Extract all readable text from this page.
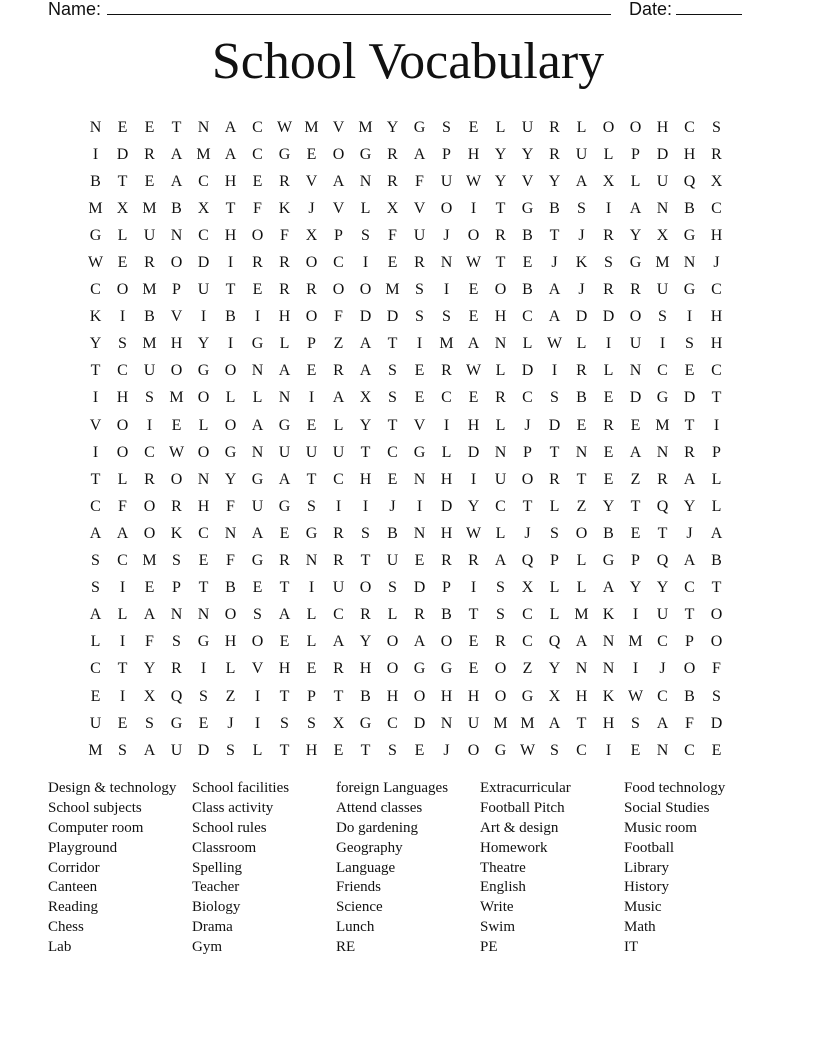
Name:	Date:
School Vocabulary
N	E	E	T	N A C W M V M Y G	S	E	L	U R	L	O O H C	S
I	D R A M A C G	E	O G R A	P	H Y Y R U	L	P	D H R
B	T	E	A C H	E	R V A N R	F	U W Y V Y A X	L	U Q X
M X M B X	T	F	K	J	V	L	X V O	I	T	G B	S	I	A N B	C
G	L	U N C H O	F	X	P	S	F	U	J	O R	B	T	J	R Y X G H
W E	R O D	I	R	R O C	I	E	R N W T	E	J	K	S	G M N	J
C O M P	U	T	E	R	R O O M S	I	E	O B A	J	R	R U G C
K	I	B V	I	B	I	H O	F	D D	S	S	E	H C A D D O	S	I	H
Y	S M H Y	I	G	L	P	Z	A	T	I	M A N	L W L	I	U	I	S	H
T	C U O G O N A	E	R A	S	E	R W L	D	I	R	L	N C	E	C
I	H	S M O	L	L	N	I	A X	S	E	C	E	R	C	S	B	E	D G D	T
V O	I	E	L	O A G	E	L	Y	T	V	I	H	L	J	D	E	R	E M T	I
I	O C W O G N U U U	T	C G	L	D N	P	T	N	E	A N R	P
T	L	R O N Y G A	T	C H	E	N H	I	U O R	T	E	Z	R A	L
C	F	O R H	F	U G	S	I	I	J	I	D Y C	T	L	Z	Y	T	Q Y	L
A A O K C N A	E	G R	S	B N H W L	J	S	O B	E	T	J	A
S	C M S	E	F	G R N R	T	U	E	R	R A Q	P	L	G	P	Q A B
S	I	E	P	T	B	E	T	I	U O	S	D	P	I	S	X	L	L	A Y Y C	T
A	L	A N N O	S	A	L	C	R	L	R	B	T	S	C	L M K	I	U	T	O
L	I	F	S	G H O	E	L	A Y O A O	E	R	C Q A N M C	P	O
C	T	Y R	I	L	V H	E	R H O G G	E	O	Z	Y N N	I	J	O	F
E	I	X Q	S	Z	I	T	P	T	B H O H H O G X H K W C	B	S
U	E	S	G	E	J	I	S	S	X G C D N U M M A	T	H	S	A	F	D
M S	A U D	S	L	T	H	E	T	S	E	J	O G W S	C	I	E	N C	E
Design & technology	School facilities	foreign Languages	Extracurricular	Food technology
School subjects	Class activity	Attend classes	Football Pitch	Social Studies
Computer room	School rules	Do gardening	Art & design	Music room
Playground	Classroom	Geography	Homework	Football
Corridor	Spelling	Language	Theatre	Library
Canteen	Teacher	Friends	English	History
Reading	Biology	Science	Write	Music
Chess	Drama	Lunch	Swim	Math
Lab	Gym	RE	PE	IT
